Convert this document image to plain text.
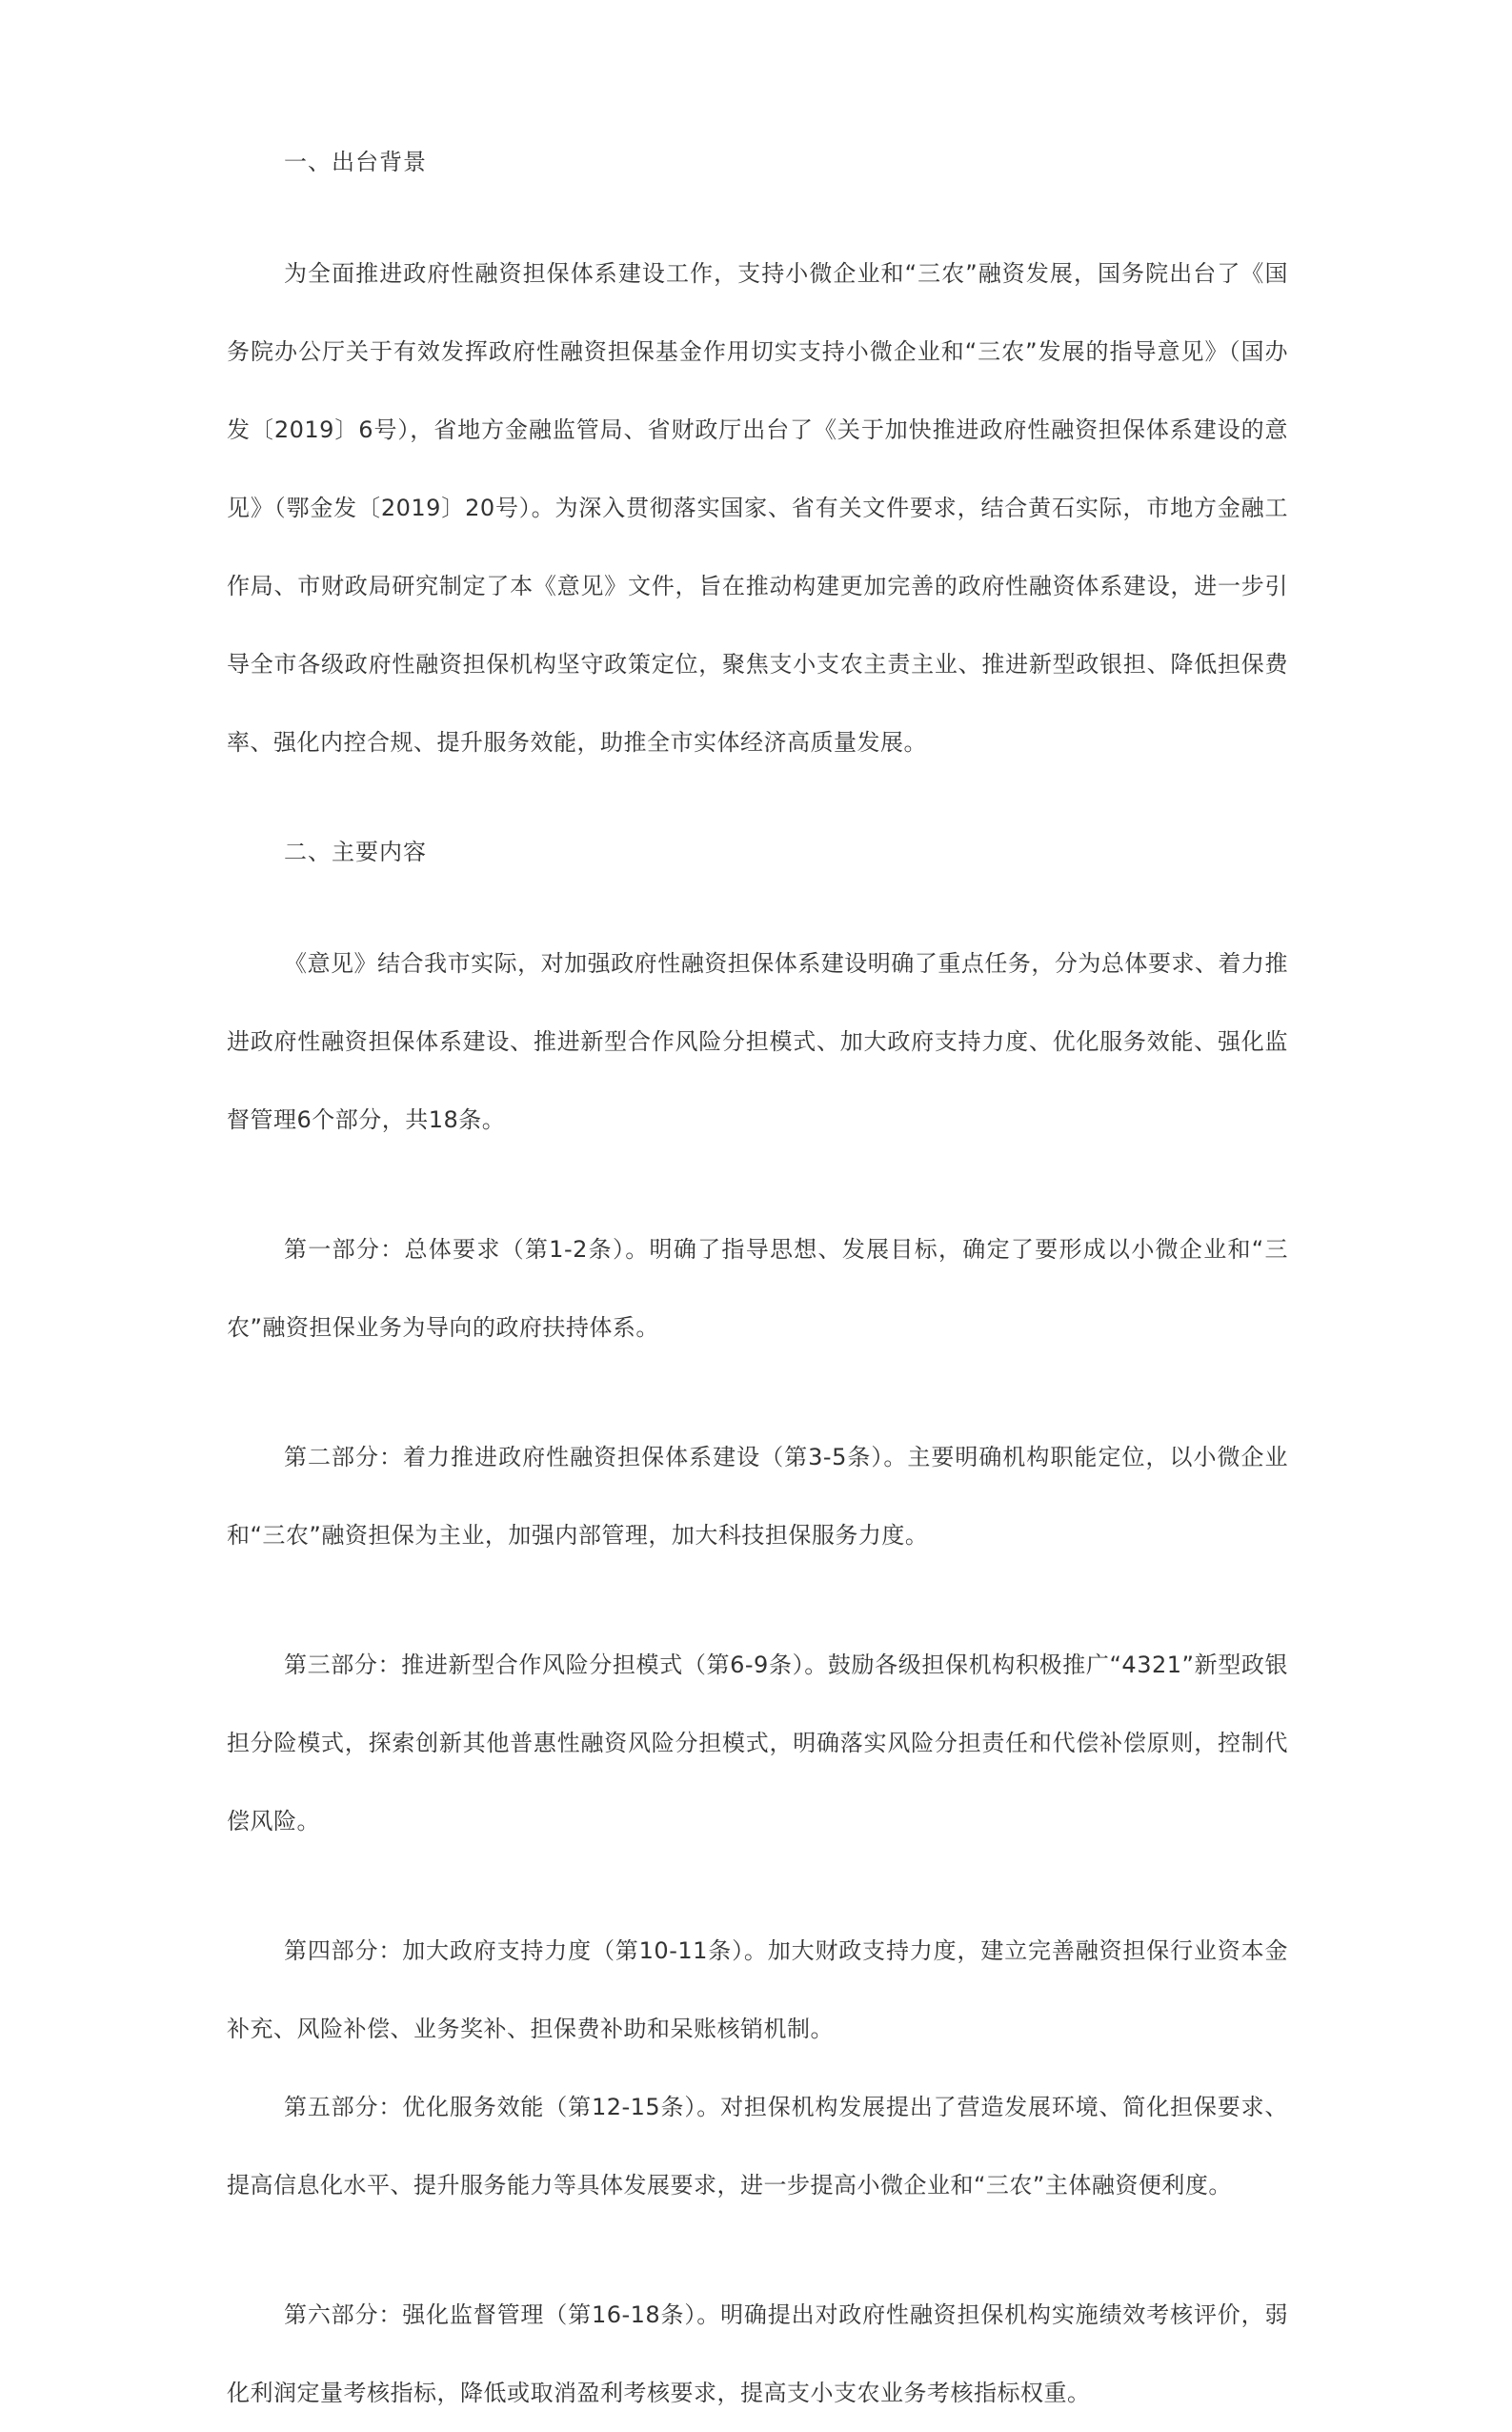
一、出台背景

为全面推进政府性融资担保体系建设工作，支持小微企业和“三农”融资发展，国务院出台了《国务院办公厅关于有效发挥政府性融资担保基金作用切实支持小微企业和“三农”发展的指导意见》（国办发〔2019〕6号），省地方金融监管局、省财政厅出台了《关于加快推进政府性融资担保体系建设的意见》（鄂金发〔2019〕20号）。为深入贯彻落实国家、省有关文件要求，结合黄石实际，市地方金融工作局、市财政局研究制定了本《意见》文件，旨在推动构建更加完善的政府性融资体系建设，进一步引导全市各级政府性融资担保机构坚守政策定位，聚焦支小支农主责主业、推进新型政银担、降低担保费率、强化内控合规、提升服务效能，助推全市实体经济高质量发展。

二、主要内容

《意见》结合我市实际，对加强政府性融资担保体系建设明确了重点任务，分为总体要求、着力推进政府性融资担保体系建设、推进新型合作风险分担模式、加大政府支持力度、优化服务效能、强化监督管理6个部分，共18条。

第一部分：总体要求（第1-2条）。明确了指导思想、发展目标，确定了要形成以小微企业和“三农”融资担保业务为导向的政府扶持体系。

第二部分：着力推进政府性融资担保体系建设（第3-5条）。主要明确机构职能定位，以小微企业和“三农”融资担保为主业，加强内部管理，加大科技担保服务力度。

第三部分：推进新型合作风险分担模式（第6-9条）。鼓励各级担保机构积极推广“4321”新型政银担分险模式，探索创新其他普惠性融资风险分担模式，明确落实风险分担责任和代偿补偿原则，控制代偿风险。

第四部分：加大政府支持力度（第10-11条）。加大财政支持力度，建立完善融资担保行业资本金补充、风险补偿、业务奖补、担保费补助和呆账核销机制。

第五部分：优化服务效能（第12-15条）。对担保机构发展提出了营造发展环境、简化担保要求、提高信息化水平、提升服务能力等具体发展要求，进一步提高小微企业和“三农”主体融资便利度。

第六部分：强化监督管理（第16-18条）。明确提出对政府性融资担保机构实施绩效考核评价，弱化利润定量考核指标，降低或取消盈利考核要求，提高支小支农业务考核指标权重。
